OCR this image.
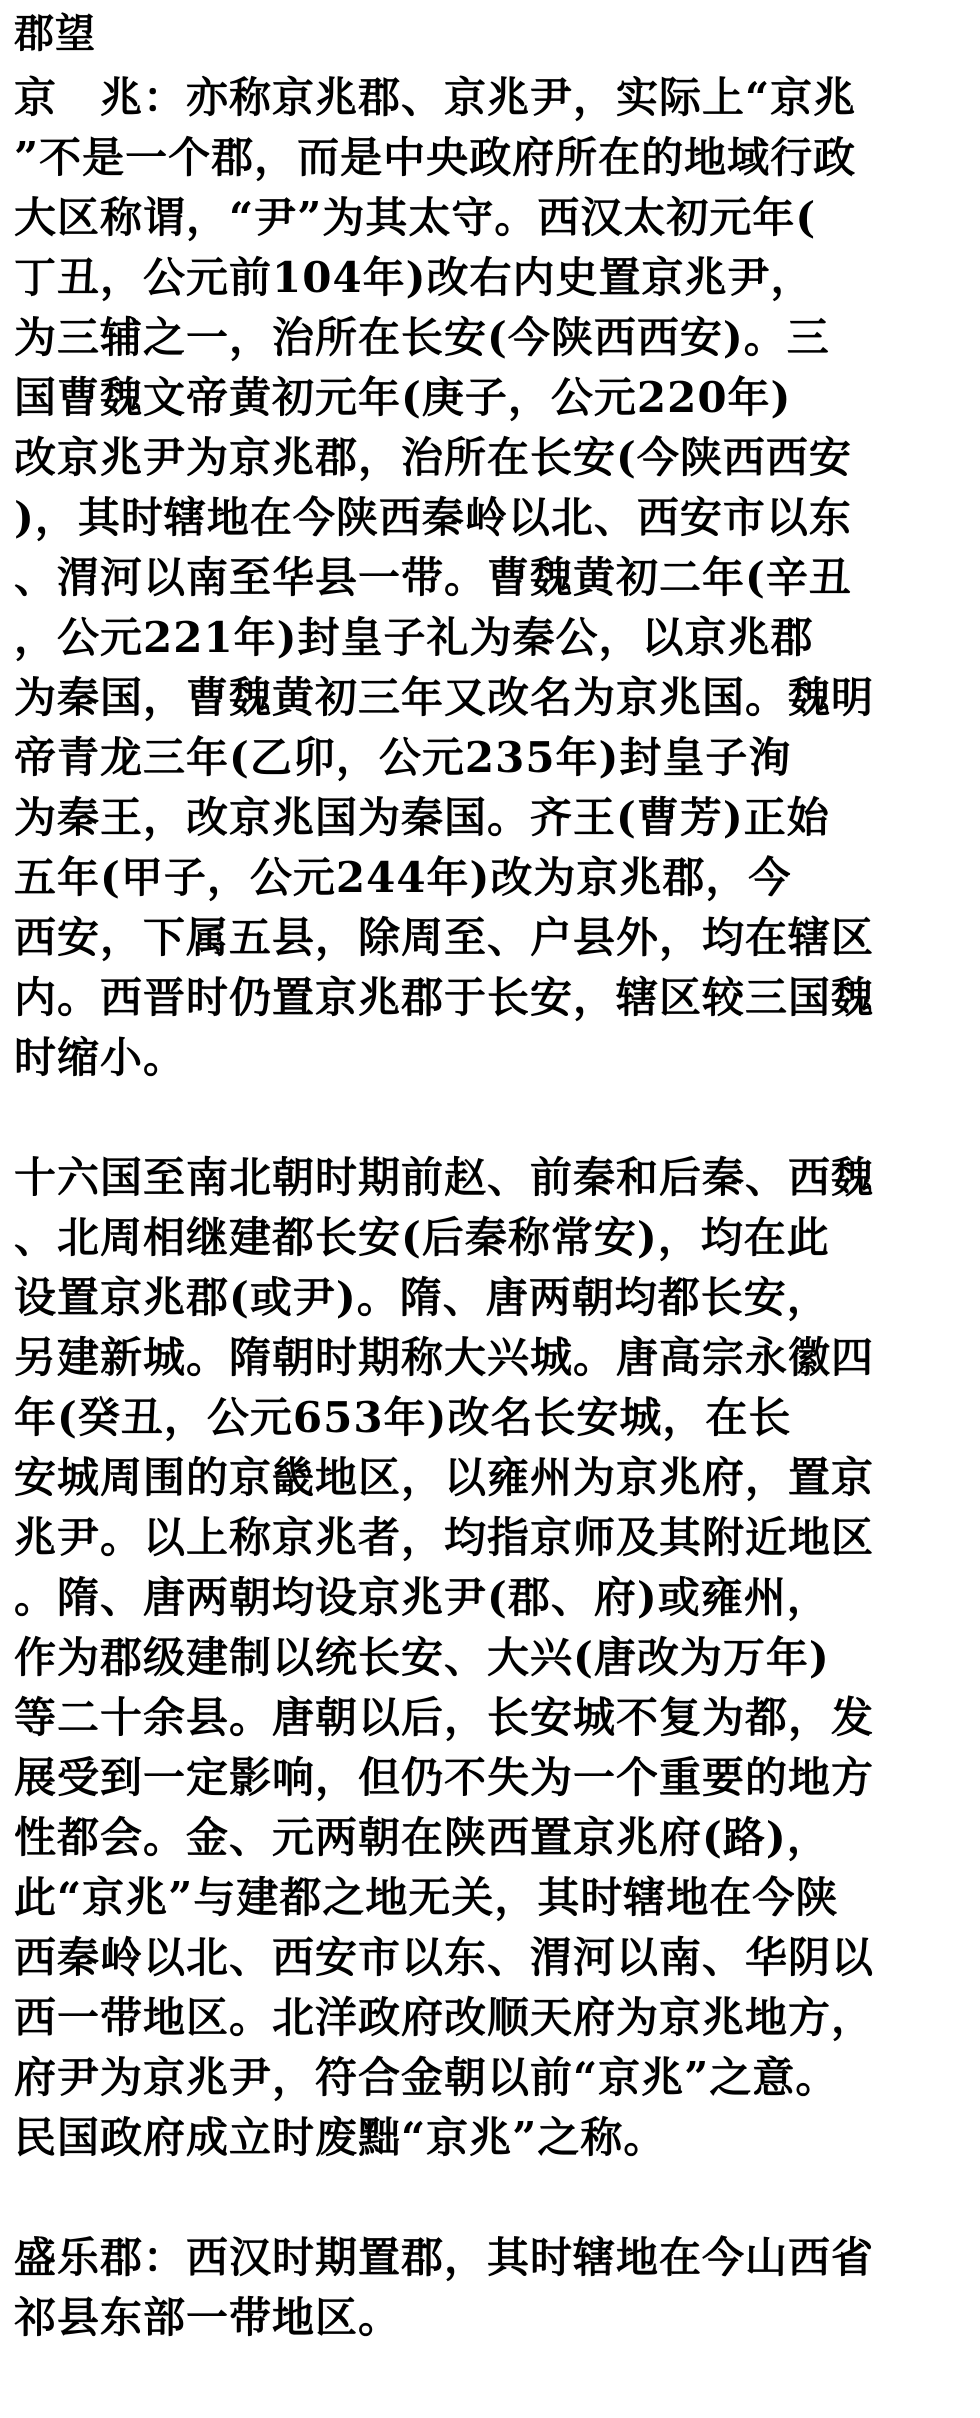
郡望
京　兆：亦称京兆郡、京兆尹，实际上“京兆
”不是一个郡，而是中央政府所在的地域行政
大区称谓，“尹”为其太守。西汉太初元年(
丁丑，公元前104年)改右内史置京兆尹，
为三辅之一，治所在长安(今陕西西安)。三
国曹魏文帝黄初元年(庚子，公元220年)
改京兆尹为京兆郡，治所在长安(今陕西西安
)，其时辖地在今陕西秦岭以北、西安市以东
、渭河以南至华县一带。曹魏黄初二年(辛丑
，公元221年)封皇子礼为秦公，以京兆郡
为秦国，曹魏黄初三年又改名为京兆国。魏明
帝青龙三年(乙卯，公元235年)封皇子洵
为秦王，改京兆国为秦国。齐王(曹芳)正始
五年(甲子，公元244年)改为京兆郡，今
西安，下属五县，除周至、户县外，均在辖区
内。西晋时仍置京兆郡于长安，辖区较三国魏
时缩小。
十六国至南北朝时期前赵、前秦和后秦、西魏
、北周相继建都长安(后秦称常安)，均在此
设置京兆郡(或尹)。隋、唐两朝均都长安，
另建新城。隋朝时期称大兴城。唐高宗永徽四
年(癸丑，公元653年)改名长安城，在长
安城周围的京畿地区，以雍州为京兆府，置京
兆尹。以上称京兆者，均指京师及其附近地区
。隋、唐两朝均设京兆尹(郡、府)或雍州，
作为郡级建制以统长安、大兴(唐改为万年)
等二十余县。唐朝以后，长安城不复为都，发
展受到一定影响，但仍不失为一个重要的地方
性都会。金、元两朝在陕西置京兆府(路)，
此“京兆”与建都之地无关，其时辖地在今陕
西秦岭以北、西安市以东、渭河以南、华阴以
西一带地区。北洋政府改顺天府为京兆地方，
府尹为京兆尹，符合金朝以前“京兆”之意。
民国政府成立时废黜“京兆”之称。
盛乐郡：西汉时期置郡，其时辖地在今山西省
祁县东部一带地区。
